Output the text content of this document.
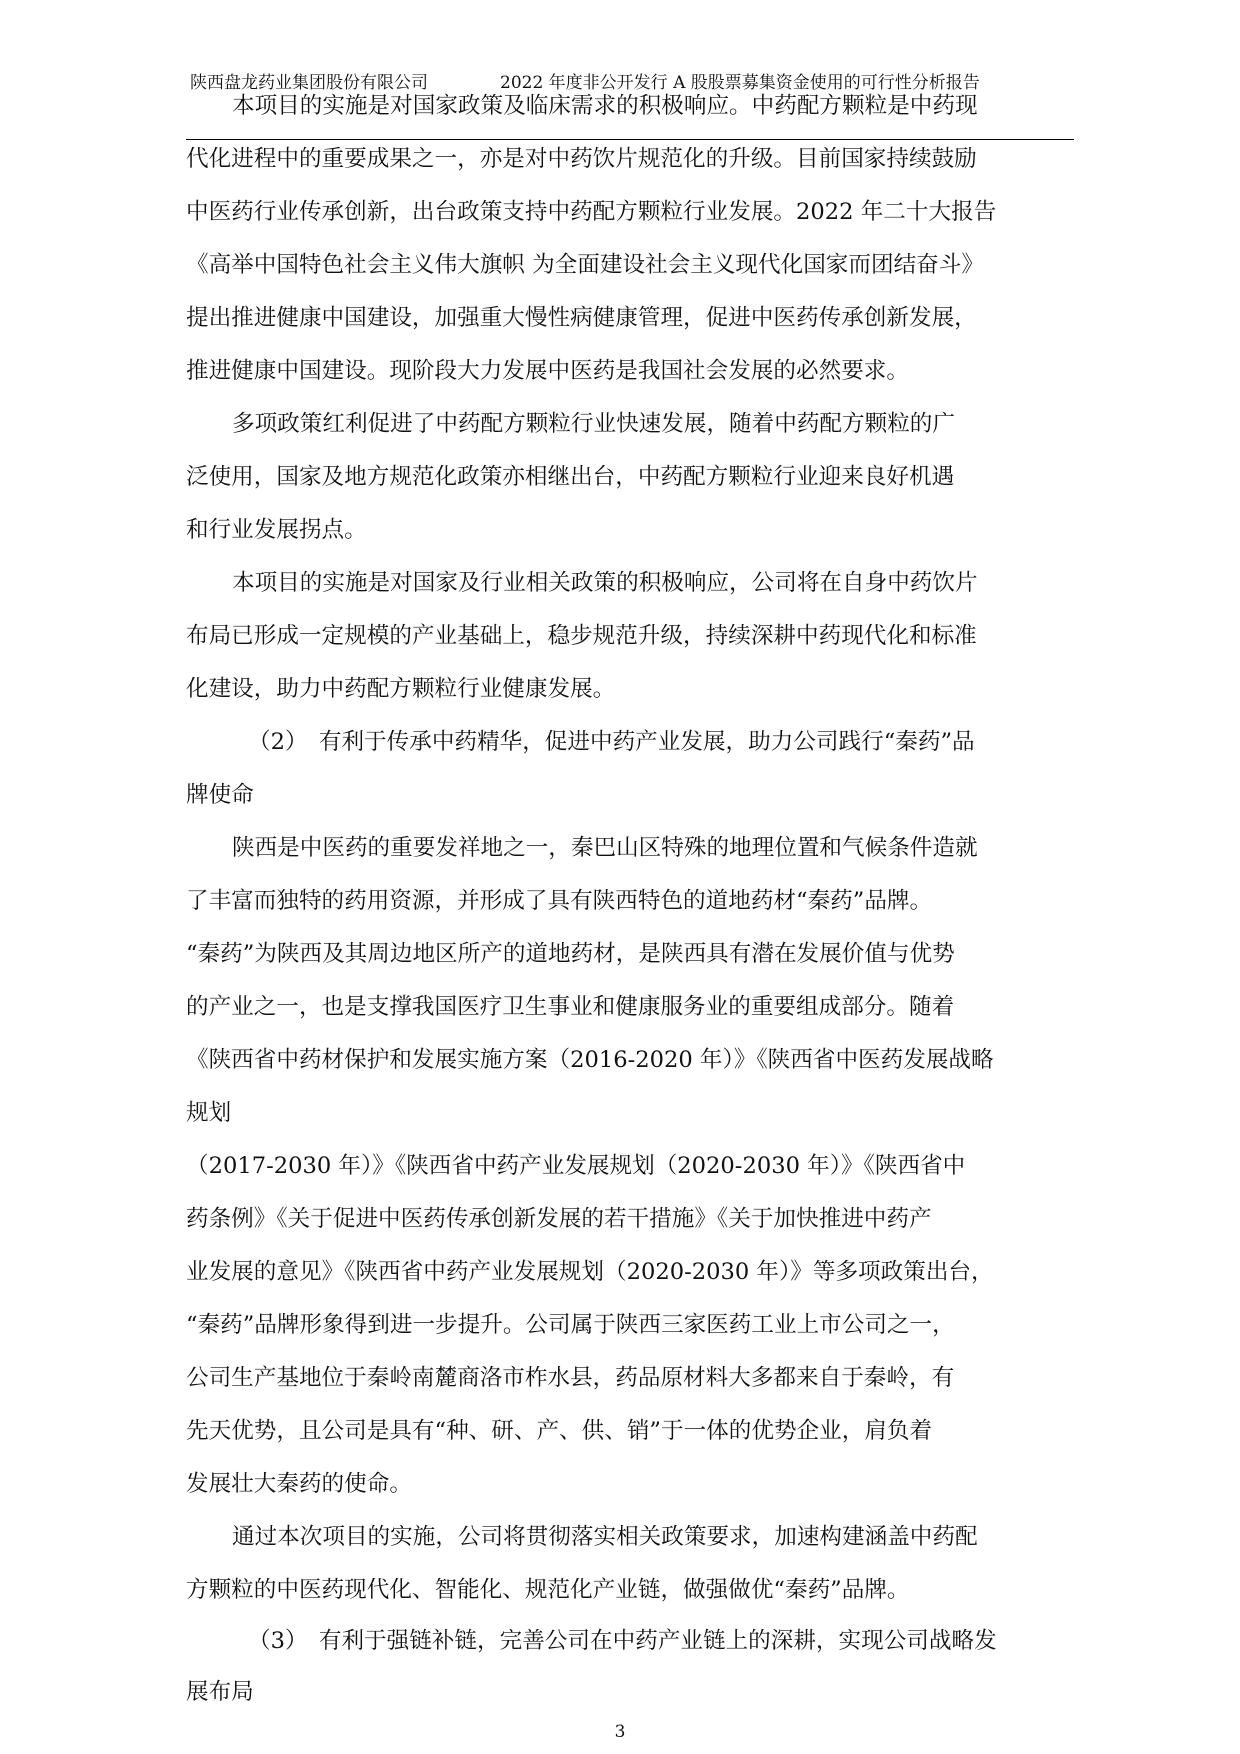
陕西盘龙药业集团股份有限公司	2022 年度非公开发行 A 股股票募集资金使用的可行性分析报告
本项目的实施是对国家政策及临床需求的积极响应。中药配方颗粒是中药现
代化进程中的重要成果之一，亦是对中药饮片规范化的升级。目前国家持续鼓励
中医药行业传承创新，出台政策支持中药配方颗粒行业发展。2022 年二十大报告
《高举中国特色社会主义伟大旗帜 为全面建设社会主义现代化国家而团结奋斗》
提出推进健康中国建设，加强重大慢性病健康管理，促进中医药传承创新发展，
推进健康中国建设。现阶段大力发展中医药是我国社会发展的必然要求。
多项政策红利促进了中药配方颗粒行业快速发展，随着中药配方颗粒的广
泛使用，国家及地方规范化政策亦相继出台，中药配方颗粒行业迎来良好机遇
和行业发展拐点。
本项目的实施是对国家及行业相关政策的积极响应，公司将在自身中药饮片
布局已形成一定规模的产业基础上，稳步规范升级，持续深耕中药现代化和标准
化建设，助力中药配方颗粒行业健康发展。
（2）　有利于传承中药精华，促进中药产业发展，助力公司践行“秦药”品
牌使命
陕西是中医药的重要发祥地之一，秦巴山区特殊的地理位置和气候条件造就
了丰富而独特的药用资源，并形成了具有陕西特色的道地药材“秦药”品牌。
“秦药”为陕西及其周边地区所产的道地药材，是陕西具有潜在发展价值与优势
的产业之一，也是支撑我国医疗卫生事业和健康服务业的重要组成部分。随着
《陕西省中药材保护和发展实施方案（2016-2020 年）》《陕西省中医药发展战略
规划
（2017-2030 年）》《陕西省中药产业发展规划（2020-2030 年）》《陕西省中
药条例》《关于促进中医药传承创新发展的若干措施》《关于加快推进中药产
业发展的意见》《陕西省中药产业发展规划（2020-2030 年）》等多项政策出台，
“秦药”品牌形象得到进一步提升。公司属于陕西三家医药工业上市公司之一，
公司生产基地位于秦岭南麓商洛市柞水县，药品原材料大多都来自于秦岭，有
先天优势，且公司是具有“种、研、产、供、销”于一体的优势企业，肩负着
发展壮大秦药的使命。
通过本次项目的实施，公司将贯彻落实相关政策要求，加速构建涵盖中药配
方颗粒的中医药现代化、智能化、规范化产业链，做强做优“秦药”品牌。
（3）　有利于强链补链，完善公司在中药产业链上的深耕，实现公司战略发
展布局
3
